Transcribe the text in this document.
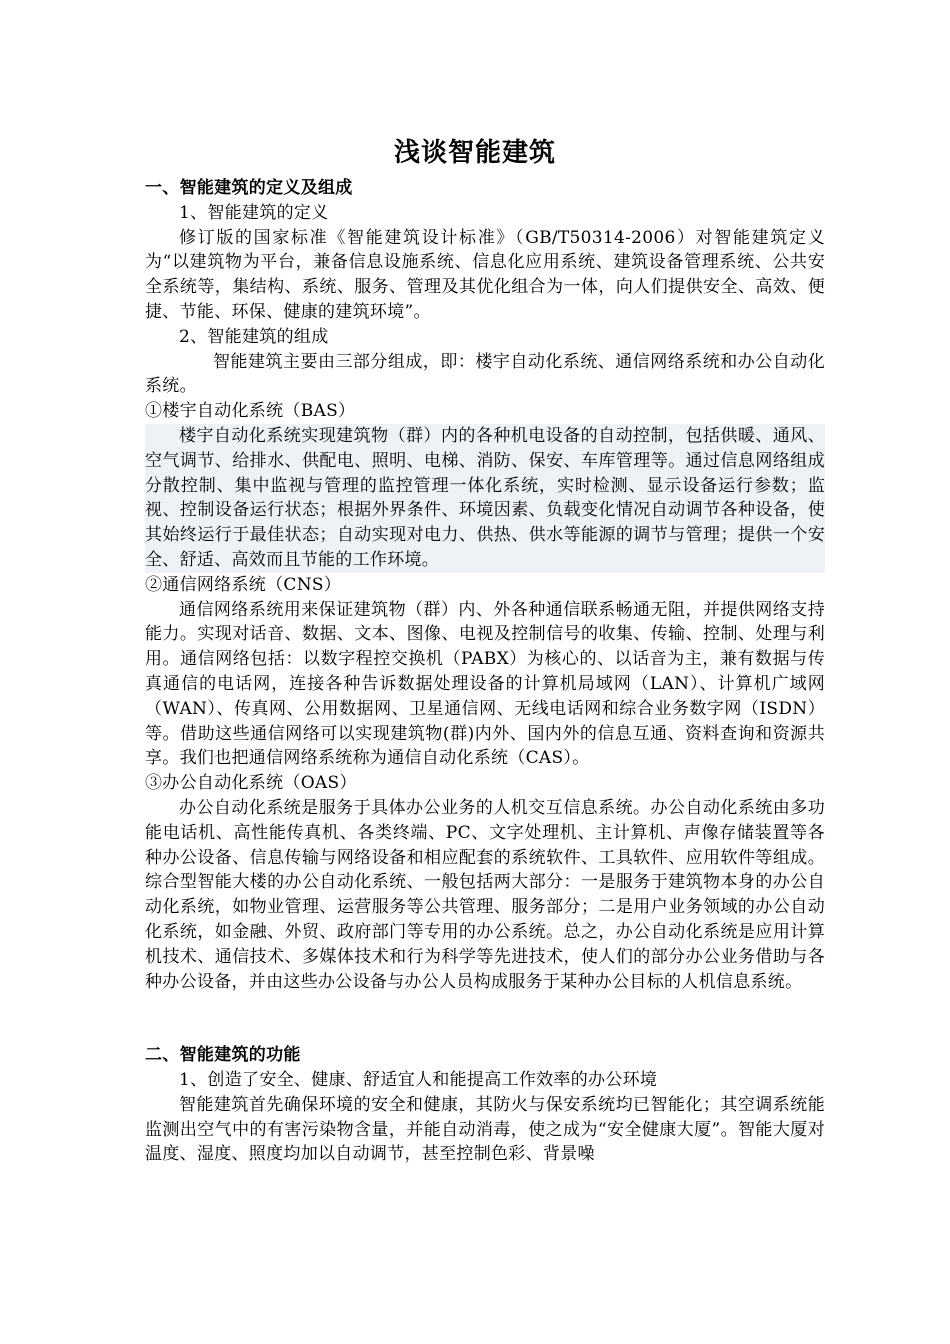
浅谈智能建筑

一、智能建筑的定义及组成

1、智能建筑的定义

修订版的国家标准《智能建筑设计标准》（GB/T50314-2006）对智能建筑定义为“以建筑物为平台，兼备信息设施系统、信息化应用系统、建筑设备管理系统、公共安全系统等，集结构、系统、服务、管理及其优化组合为一体，向人们提供安全、高效、便捷、节能、环保、健康的建筑环境”。

2、智能建筑的组成

智能建筑主要由三部分组成，即：楼宇自动化系统、通信网络系统和办公自动化系统。

①楼宇自动化系统（BAS）

楼宇自动化系统实现建筑物（群）内的各种机电设备的自动控制，包括供暖、通风、空气调节、给排水、供配电、照明、电梯、消防、保安、车库管理等。通过信息网络组成分散控制、集中监视与管理的监控管理一体化系统，实时检测、显示设备运行参数；监视、控制设备运行状态；根据外界条件、环境因素、负载变化情况自动调节各种设备，使其始终运行于最佳状态；自动实现对电力、供热、供水等能源的调节与管理；提供一个安全、舒适、高效而且节能的工作环境。

②通信网络系统（CNS）

通信网络系统用来保证建筑物（群）内、外各种通信联系畅通无阻，并提供网络支持能力。实现对话音、数据、文本、图像、电视及控制信号的收集、传输、控制、处理与利用。通信网络包括：以数字程控交换机（PABX）为核心的、以话音为主，兼有数据与传真通信的电话网，连接各种告诉数据处理设备的计算机局域网（LAN）、计算机广域网（WAN）、传真网、公用数据网、卫星通信网、无线电话网和综合业务数字网（ISDN）等。借助这些通信网络可以实现建筑物(群)内外、国内外的信息互通、资料查询和资源共享。我们也把通信网络系统称为通信自动化系统（CAS）。

③办公自动化系统（OAS）

办公自动化系统是服务于具体办公业务的人机交互信息系统。办公自动化系统由多功能电话机、高性能传真机、各类终端、PC、文字处理机、主计算机、声像存储装置等各种办公设备、信息传输与网络设备和相应配套的系统软件、工具软件、应用软件等组成。综合型智能大楼的办公自动化系统、一般包括两大部分：一是服务于建筑物本身的办公自动化系统，如物业管理、运营服务等公共管理、服务部分；二是用户业务领域的办公自动化系统，如金融、外贸、政府部门等专用的办公系统。总之，办公自动化系统是应用计算机技术、通信技术、多媒体技术和行为科学等先进技术，使人们的部分办公业务借助与各种办公设备，并由这些办公设备与办公人员构成服务于某种办公目标的人机信息系统。

二、智能建筑的功能

1、创造了安全、健康、舒适宜人和能提高工作效率的办公环境

智能建筑首先确保环境的安全和健康，其防火与保安系统均已智能化；其空调系统能监测出空气中的有害污染物含量，并能自动消毒，使之成为“安全健康大厦”。智能大厦对温度、湿度、照度均加以自动调节，甚至控制色彩、背景噪
